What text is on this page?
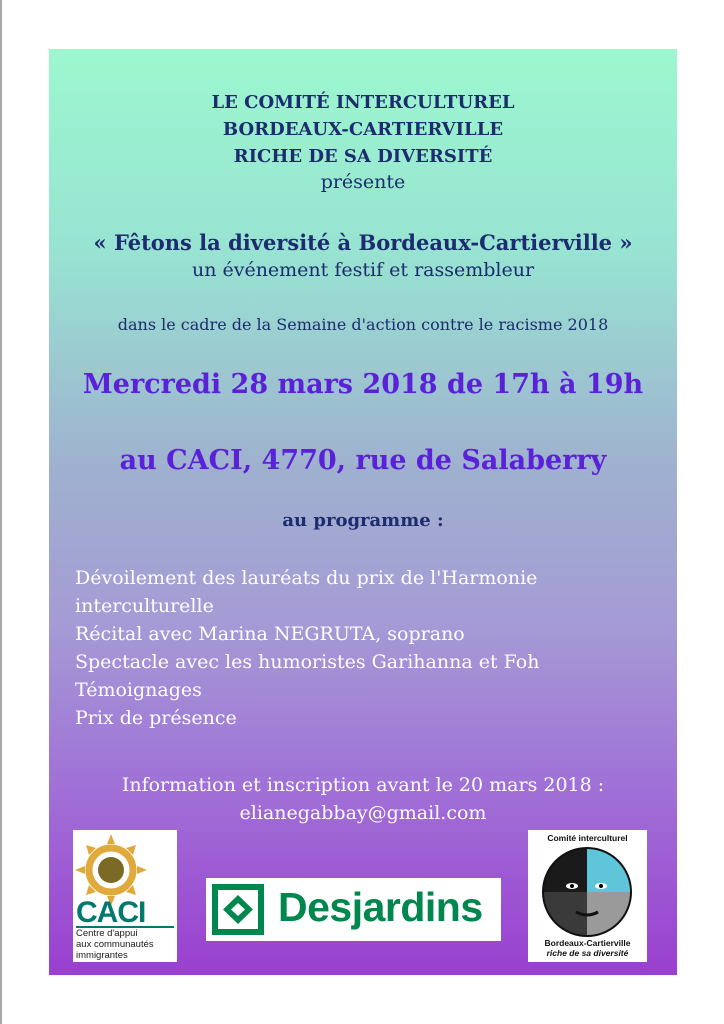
LE COMITÉ INTERCULTUREL
BORDEAUX-CARTIERVILLE
RICHE DE SA DIVERSITÉ
présente
« Fêtons la diversité à Bordeaux-Cartierville »
un événement festif et rassembleur
dans le cadre de la Semaine d'action contre le racisme 2018
Mercredi 28 mars 2018 de 17h à 19h
au CACI, 4770, rue de Salaberry
au programme :
●	Dévoilement des lauréats du prix de l'Harmonie
interculturelle
●	Récital avec Marina NEGRUTA, soprano
●	Spectacle avec les humoristes Garihanna et Foh
●	Témoignages
●	Prix de présence
Information et inscription avant le 20 mars 2018 :
elianegabbay@gmail.com
CACI
Centre d'appui
aux communautés
immigrantes
Desjardins
Comité interculturel
Bordeaux-Cartierville
riche de sa diversité
